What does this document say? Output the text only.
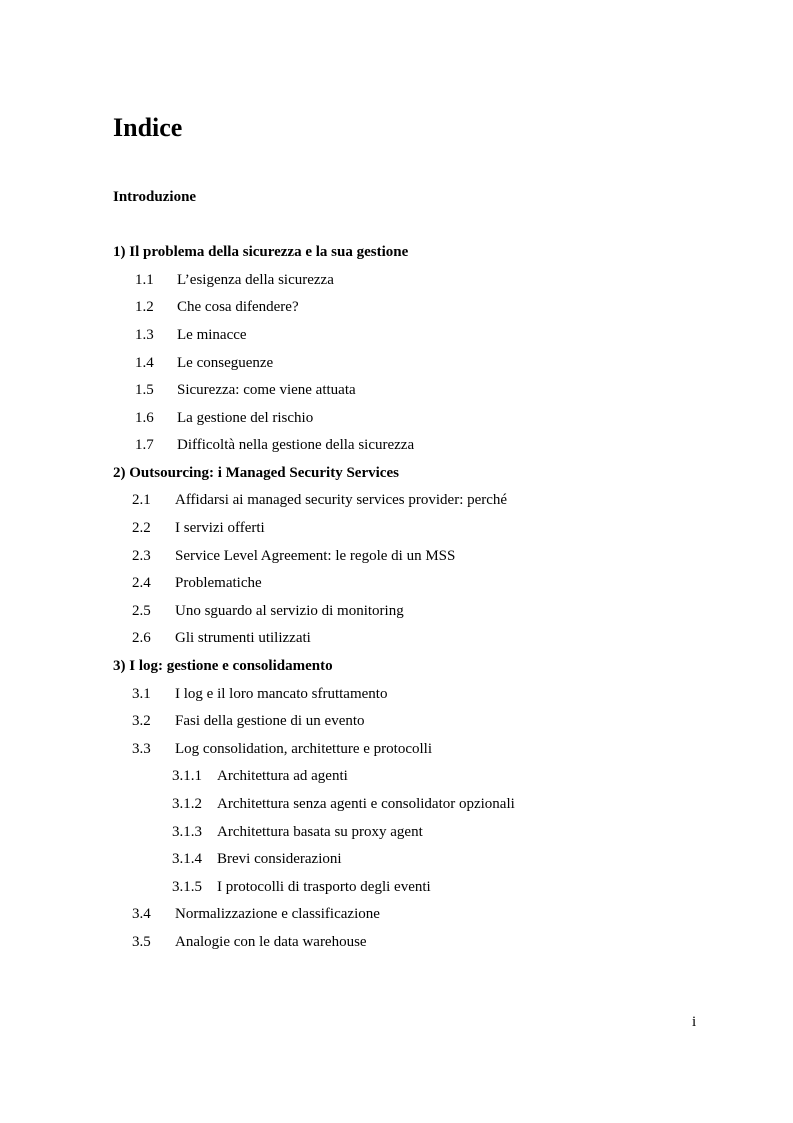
Indice
Introduzione
1) Il problema della sicurezza e la sua gestione
1.1 L’esigenza della sicurezza
1.2 Che cosa difendere?
1.3 Le minacce
1.4 Le conseguenze
1.5 Sicurezza: come viene attuata
1.6 La gestione del rischio
1.7 Difficoltà nella gestione della sicurezza
2) Outsourcing: i Managed Security Services
2.1 Affidarsi ai managed security services provider: perché
2.2 I servizi offerti
2.3 Service Level Agreement: le regole di un MSS
2.4 Problematiche
2.5 Uno sguardo al servizio di monitoring
2.6 Gli strumenti utilizzati
3) I log: gestione e consolidamento
3.1 I log e il loro mancato sfruttamento
3.2 Fasi della gestione di un evento
3.3 Log consolidation, architetture e protocolli
3.1.1 Architettura ad agenti
3.1.2 Architettura senza agenti e consolidator opzionali
3.1.3 Architettura basata su proxy agent
3.1.4 Brevi considerazioni
3.1.5 I protocolli di trasporto degli eventi
3.4 Normalizzazione e classificazione
3.5 Analogie con le data warehouse
i
